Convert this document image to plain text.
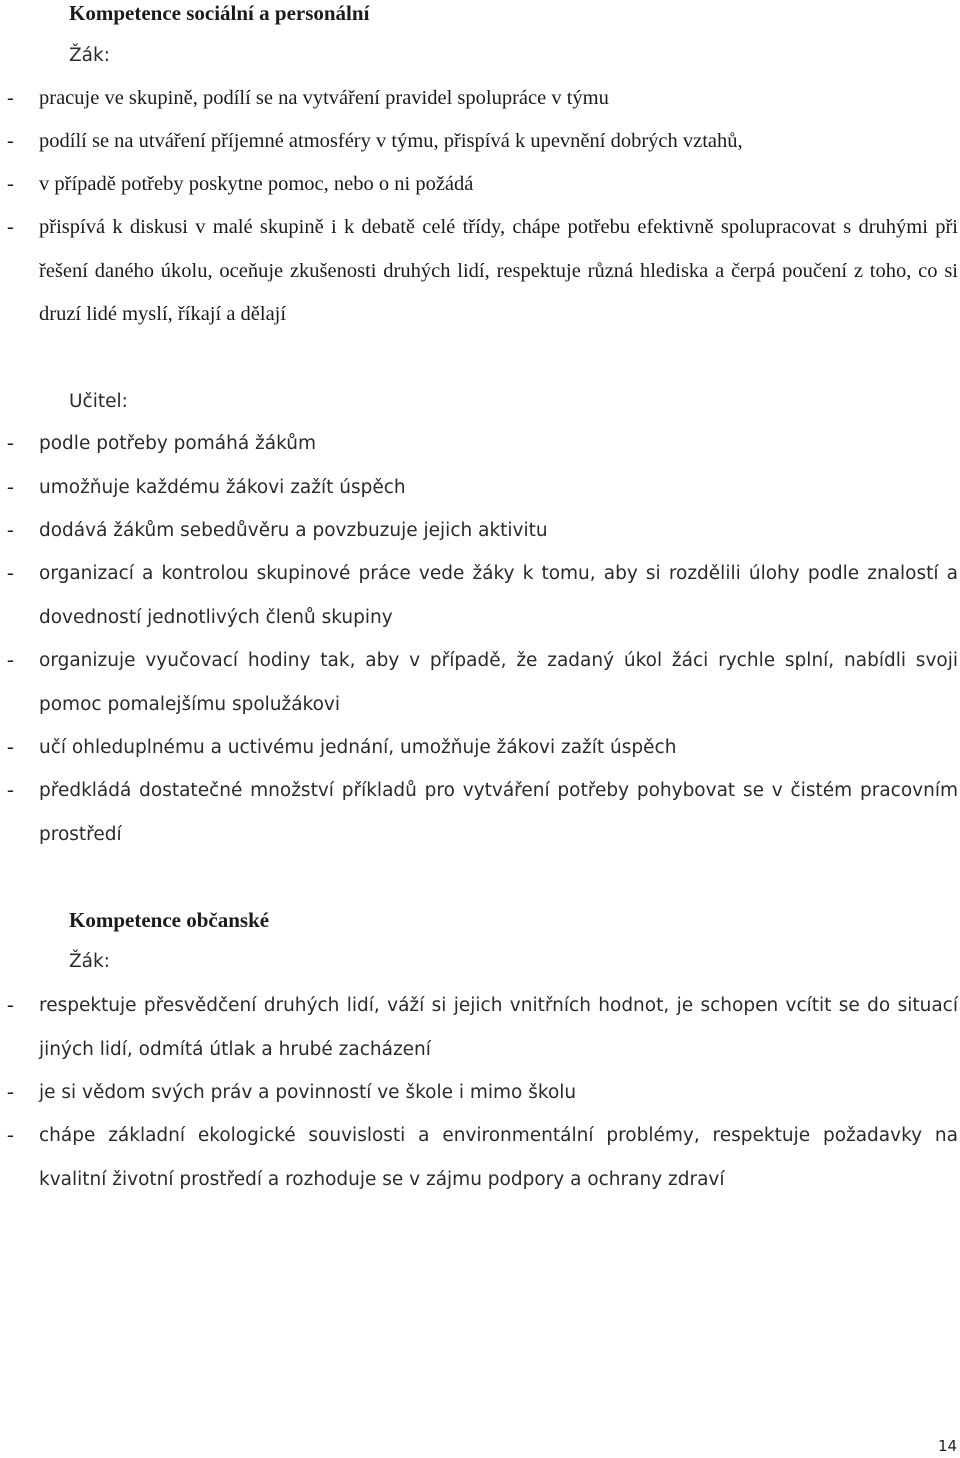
Kompetence sociální a personální

Žák:

- pracuje ve skupině, podílí se na vytváření pravidel spolupráce v týmu
- podílí se na utváření příjemné atmosféry v týmu, přispívá k upevnění dobrých vztahů,
- v případě potřeby poskytne pomoc, nebo o ni požádá
- přispívá k diskusi v malé skupině i k debatě celé třídy, chápe potřebu efektivně spolupracovat s druhými při řešení daného úkolu, oceňuje zkušenosti druhých lidí, respektuje různá hlediska a čerpá poučení z toho, co si druzí lidé myslí, říkají a dělají

Učitel:

- podle potřeby pomáhá žákům
- umožňuje každému žákovi zažít úspěch
- dodává žákům sebedůvěru a povzbuzuje jejich aktivitu
- organizací a kontrolou skupinové práce vede žáky k tomu, aby si rozdělili úlohy podle znalostí a dovedností jednotlivých členů skupiny
- organizuje vyučovací hodiny tak, aby v případě, že zadaný úkol žáci rychle splní, nabídli svoji pomoc pomalejšímu spolužákovi
- učí ohleduplnému a uctivému jednání, umožňuje žákovi zažít úspěch
- předkládá dostatečné množství příkladů pro vytváření potřeby pohybovat se v čistém pracovním prostředí
Kompetence občanské

Žák:

- respektuje přesvědčení druhých lidí, váží si jejich vnitřních hodnot, je schopen vcítit se do situací jiných lidí, odmítá útlak a hrubé zacházení
- je si vědom svých práv a povinností ve škole i mimo školu
- chápe základní ekologické souvislosti a environmentální problémy, respektuje požadavky na kvalitní životní prostředí a rozhoduje se v zájmu podpory a ochrany zdraví
14
